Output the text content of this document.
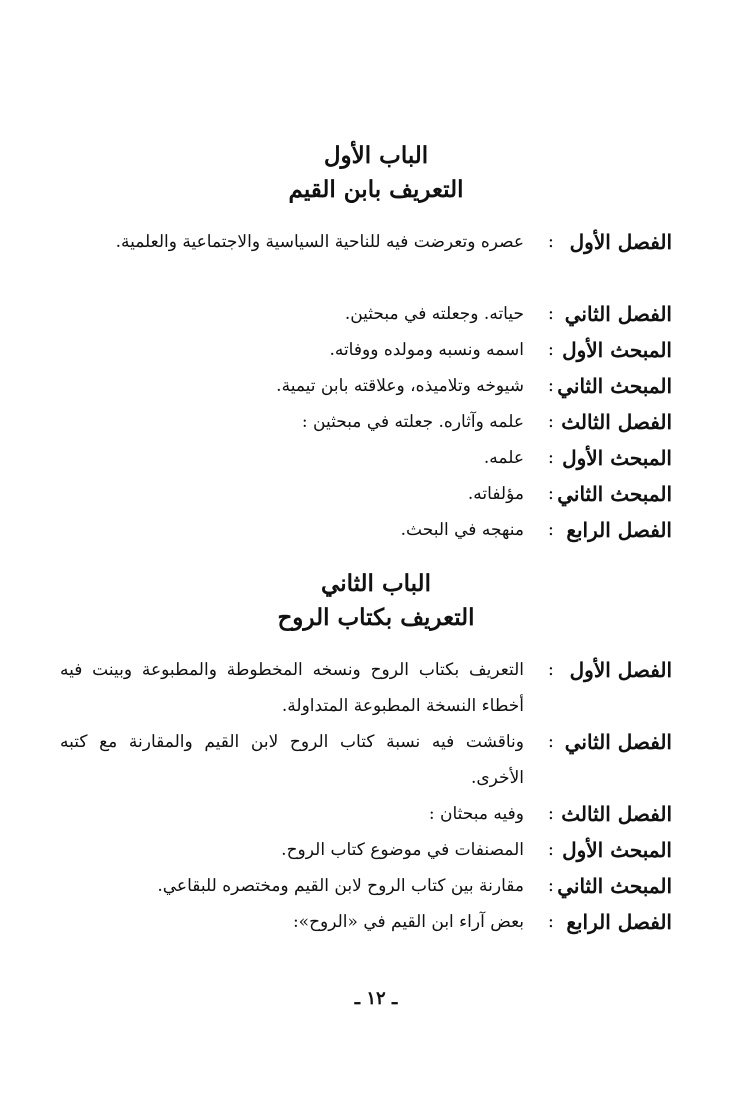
الباب الأول
التعريف بابن القيم
الفصل الأول
:
عصره وتعرضت فيه للناحية السياسية والاجتماعية والعلمية.
الفصل الثاني
:
حياته. وجعلته في مبحثين.
المبحث الأول
:
اسمه ونسبه ومولده ووفاته.
المبحث الثاني
:
شيوخه وتلاميذه، وعلاقته بابن تيمية.
الفصل الثالث
:
علمه وآثاره. جعلته في مبحثين :
المبحث الأول
:
علمه.
المبحث الثاني
:
مؤلفاته.
الفصل الرابع
:
منهجه في البحث.
الباب الثاني
التعريف بكتاب الروح
الفصل الأول
:
التعريف بكتاب الروح ونسخه المخطوطة والمطبوعة وبينت فيه أخطاء النسخة المطبوعة المتداولة.
الفصل الثاني
:
وناقشت فيه نسبة كتاب الروح لابن القيم والمقارنة مع كتبه الأخرى.
الفصل الثالث
:
وفيه مبحثان :
المبحث الأول
:
المصنفات في موضوع كتاب الروح.
المبحث الثاني
:
مقارنة بين كتاب الروح لابن القيم ومختصره للبقاعي.
الفصل الرابع
:
بعض آراء ابن القيم في «الروح»:
ـ ١٢ ـ
